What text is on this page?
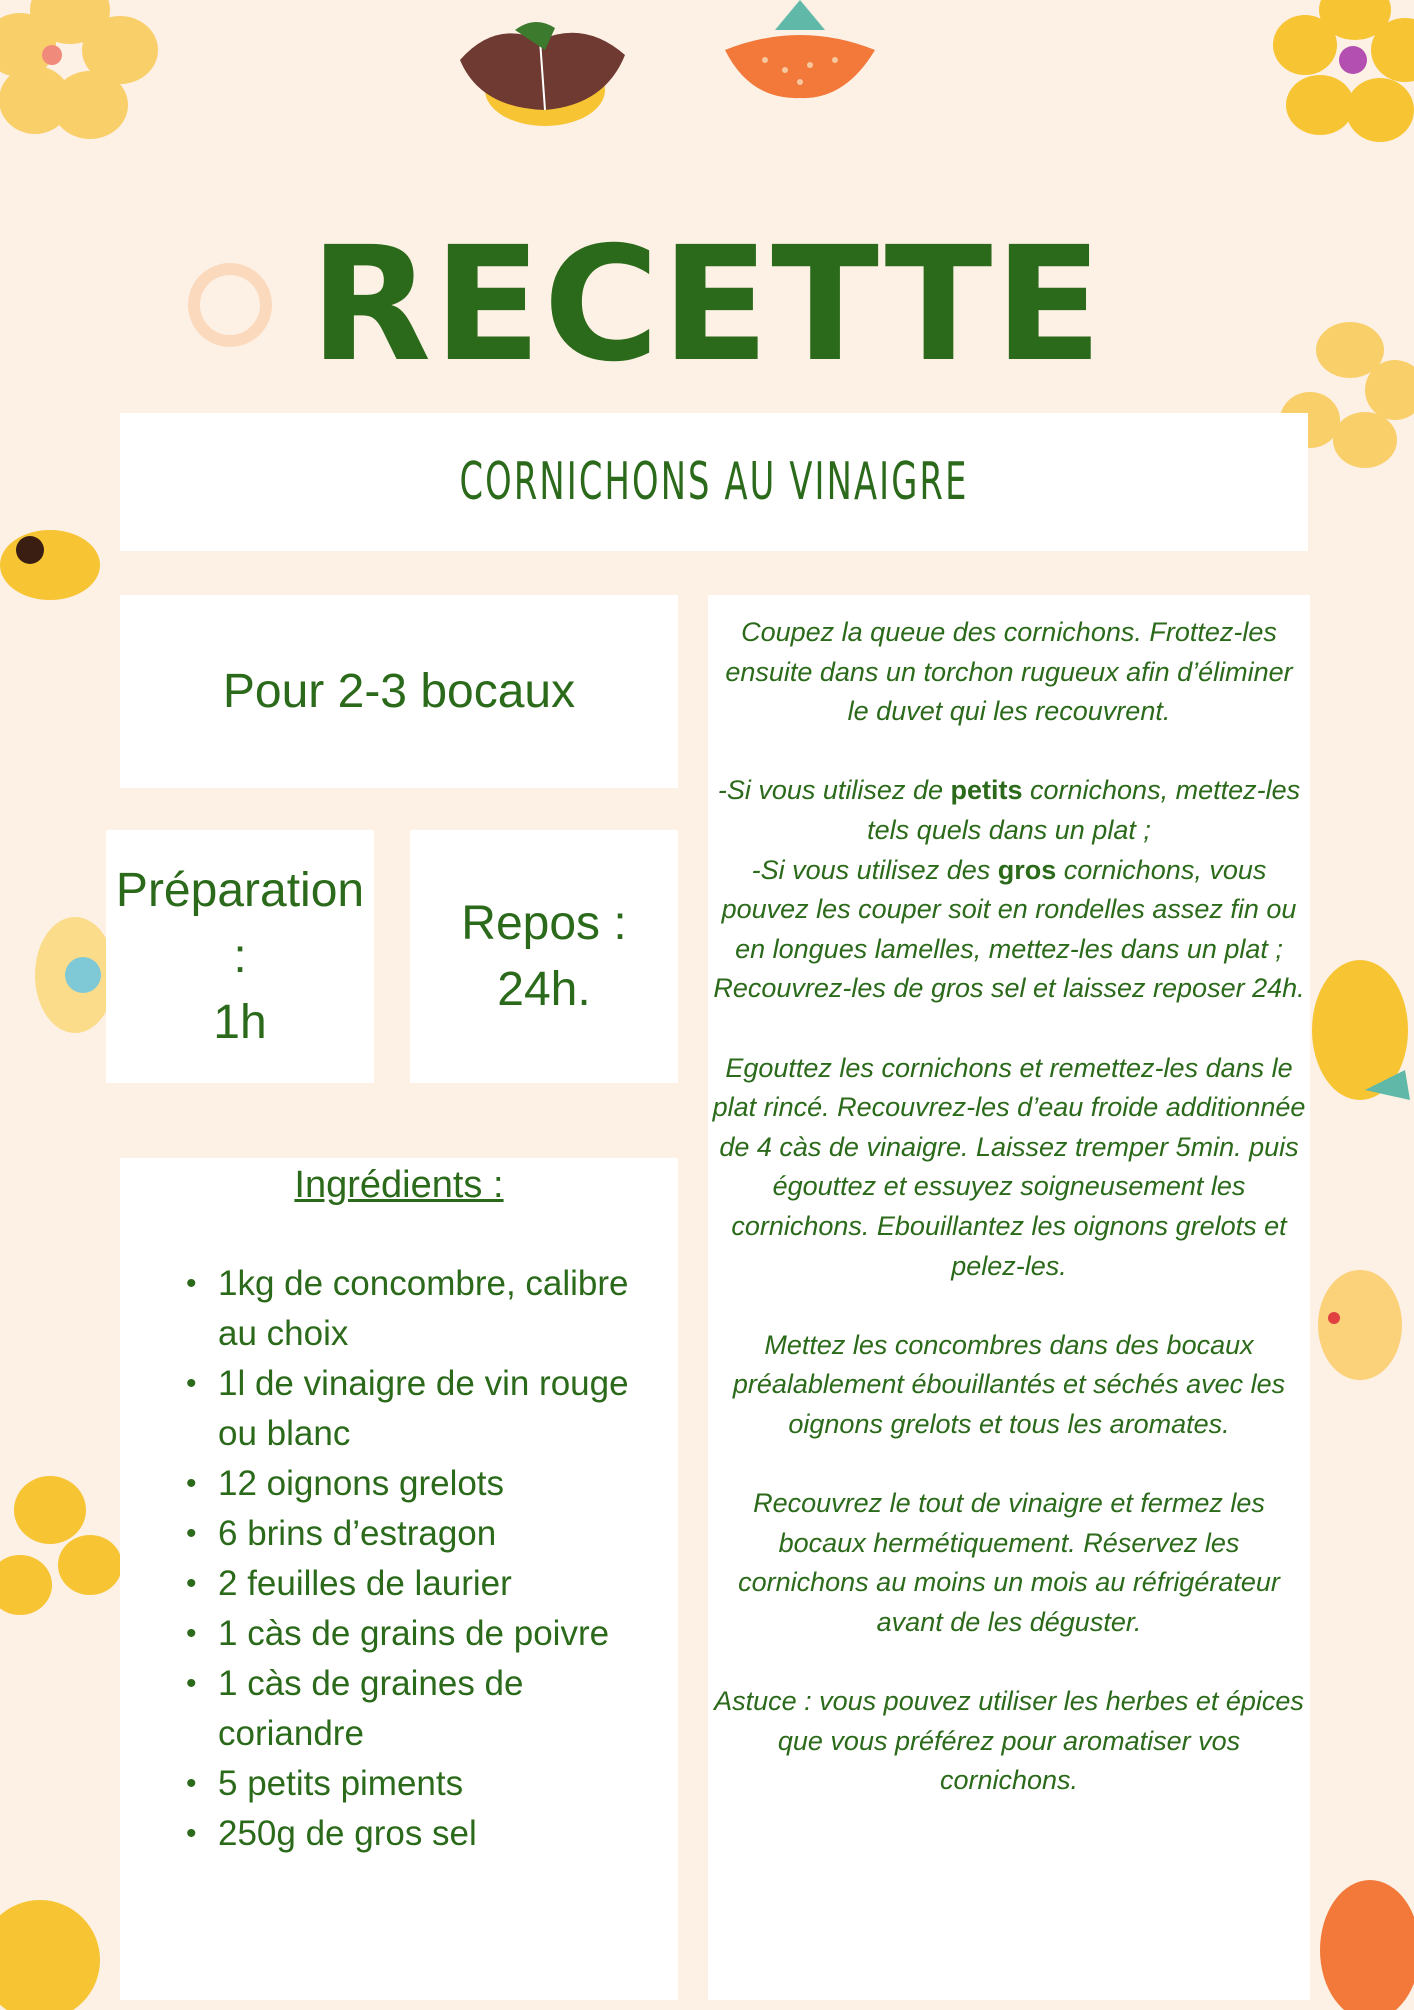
RECETTE
CORNICHONS AU VINAIGRE
Pour 2-3 bocaux
Préparation :
1h
Repos :
24h.
Ingrédients :
• 1kg de concombre, calibre au choix
• 1l de vinaigre de vin rouge ou blanc
• 12 oignons grelots
• 6 brins d’estragon
• 2 feuilles de laurier
• 1 càs de grains de poivre
• 1 càs de graines de coriandre
• 5 petits piments
• 250g de gros sel

Coupez la queue des cornichons. Frottez-les ensuite dans un torchon rugueux afin d’éliminer le duvet qui les recouvrent.

-Si vous utilisez de petits cornichons, mettez-les tels quels dans un plat ;
-Si vous utilisez des gros cornichons, vous pouvez les couper soit en rondelles assez fin ou en longues lamelles, mettez-les dans un plat ;
Recouvrez-les de gros sel et laissez reposer 24h.

Egouttez les cornichons et remettez-les dans le plat rincé. Recouvrez-les d’eau froide additionnée de 4 càs de vinaigre. Laissez tremper 5min. puis égouttez et essuyez soigneusement les cornichons. Ebouillantez les oignons grelots et pelez-les.

Mettez les concombres dans des bocaux préalablement ébouillantés et séchés avec les oignons grelots et tous les aromates.

Recouvrez le tout de vinaigre et fermez les bocaux hermétiquement. Réservez les cornichons au moins un mois au réfrigérateur avant de les déguster.

Astuce : vous pouvez utiliser les herbes et épices que vous préférez pour aromatiser vos cornichons.
